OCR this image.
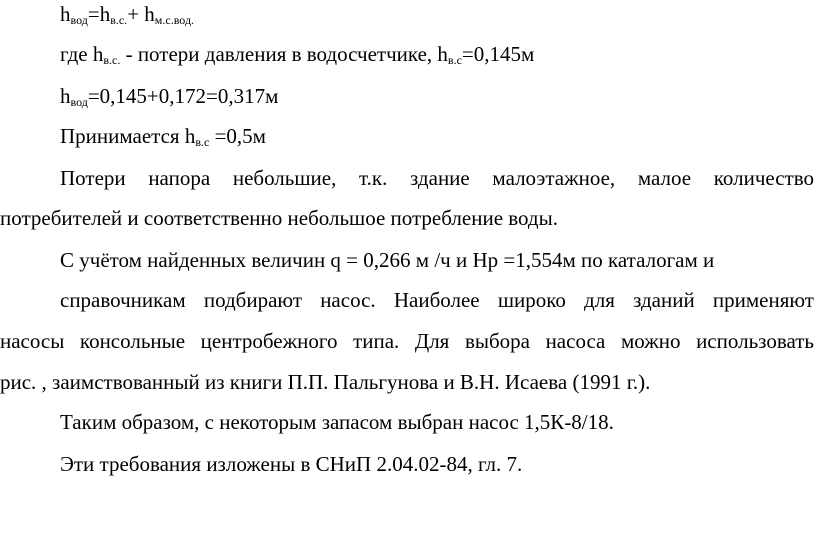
$h_{вод}=h_{в.с.}+ h_{м.с.вод.}$
где $h_{в.с.}$ - потери давления в водосчетчике, $h_{в.с}=0,145м$
$h_{вод}=0,145+0,172=0,317м$
Принимается $h_{в.с} =0,5м$
Потери напора небольшие, т.к. здание малоэтажное, малое количество
потребителей и соответственно небольшое потребление воды.
С учётом найденных величин q = 0,266 м /ч и Нр =1,554м по каталогам и
справочникам подбирают насос. Наиболее широко для зданий применяют
насосы консольные центробежного типа. Для выбора насоса можно использовать
рис. , заимствованный из книги П.П. Пальгунова и В.Н. Исаева (1991 г.).
Таким образом, с некоторым запасом выбран насос 1,5К-8/18.
Эти требования изложены в СНиП 2.04.02-84, гл. 7.
